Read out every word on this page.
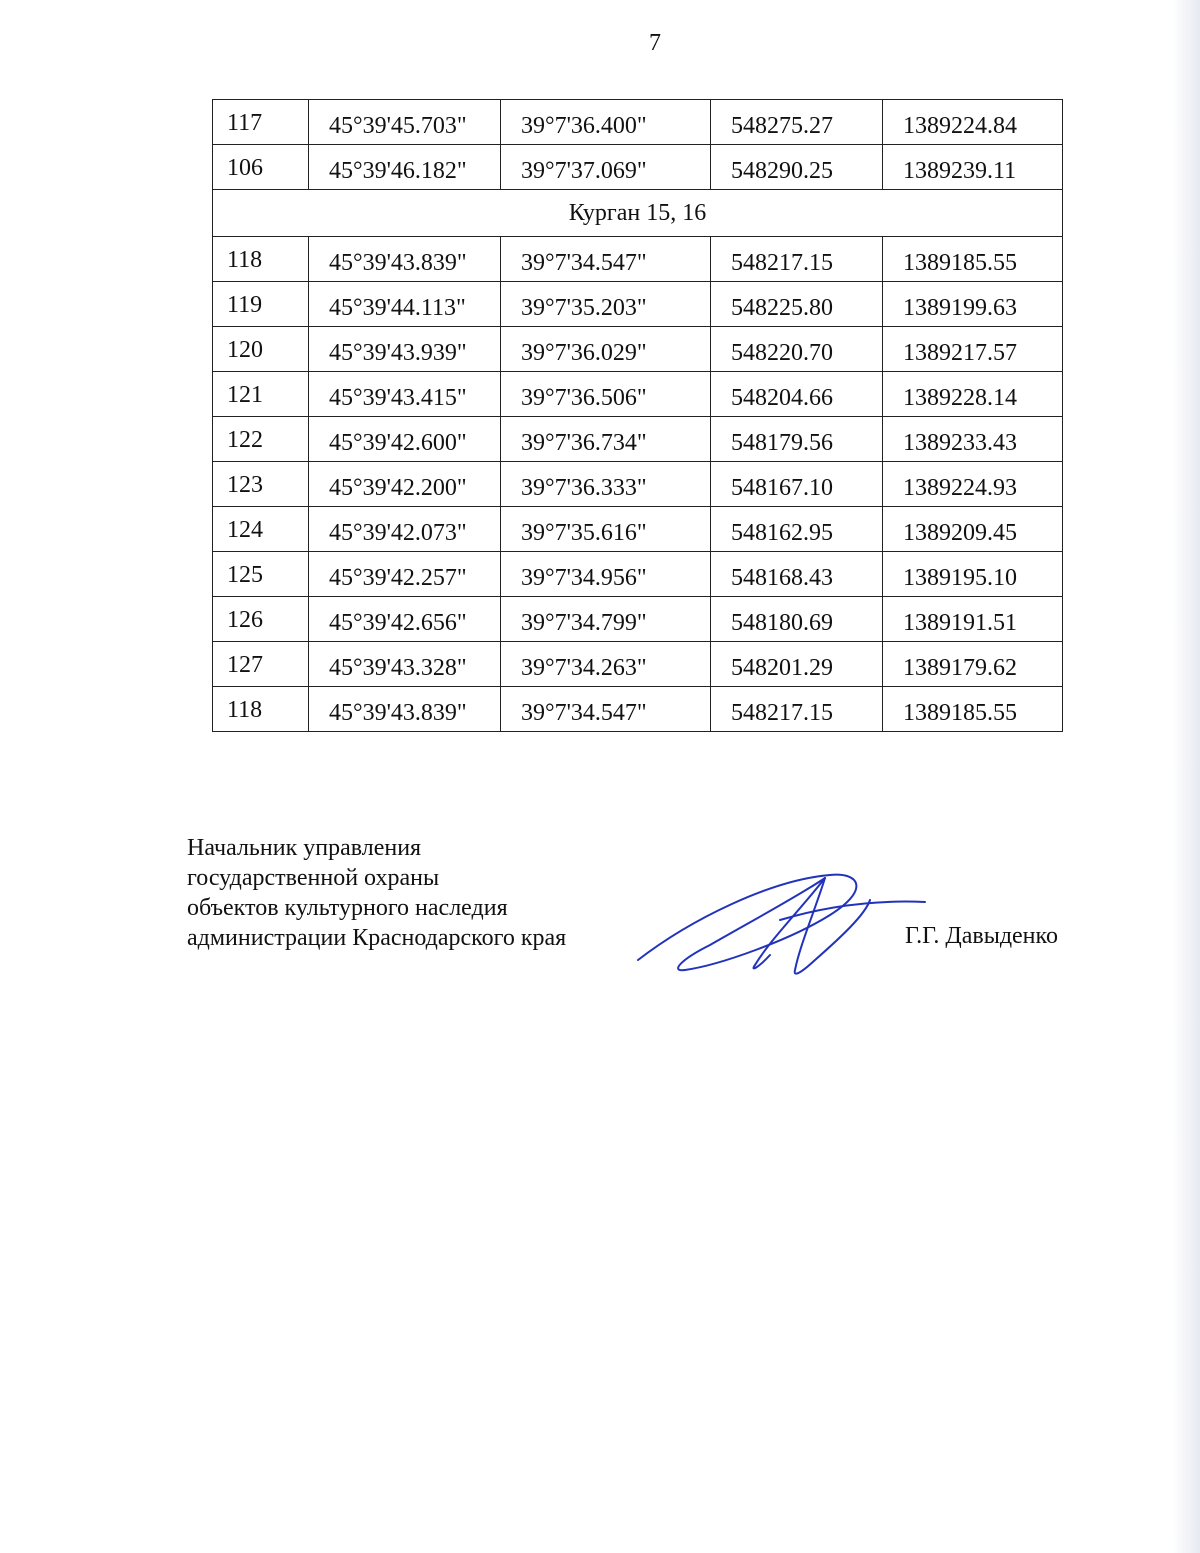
7
117	45°39'45.703"	39°7'36.400"	548275.27	1389224.84
106	45°39'46.182"	39°7'37.069"	548290.25	1389239.11
Курган 15, 16				
118	45°39'43.839"	39°7'34.547"	548217.15	1389185.55
119	45°39'44.113"	39°7'35.203"	548225.80	1389199.63
120	45°39'43.939"	39°7'36.029"	548220.70	1389217.57
121	45°39'43.415"	39°7'36.506"	548204.66	1389228.14
122	45°39'42.600"	39°7'36.734"	548179.56	1389233.43
123	45°39'42.200"	39°7'36.333"	548167.10	1389224.93
124	45°39'42.073"	39°7'35.616"	548162.95	1389209.45
125	45°39'42.257"	39°7'34.956"	548168.43	1389195.10
126	45°39'42.656"	39°7'34.799"	548180.69	1389191.51
127	45°39'43.328"	39°7'34.263"	548201.29	1389179.62
118	45°39'43.839"	39°7'34.547"	548217.15	1389185.55
Начальник управления
государственной охраны
объектов культурного наследия
администрации Краснодарского края	Г.Г. Давыденко
